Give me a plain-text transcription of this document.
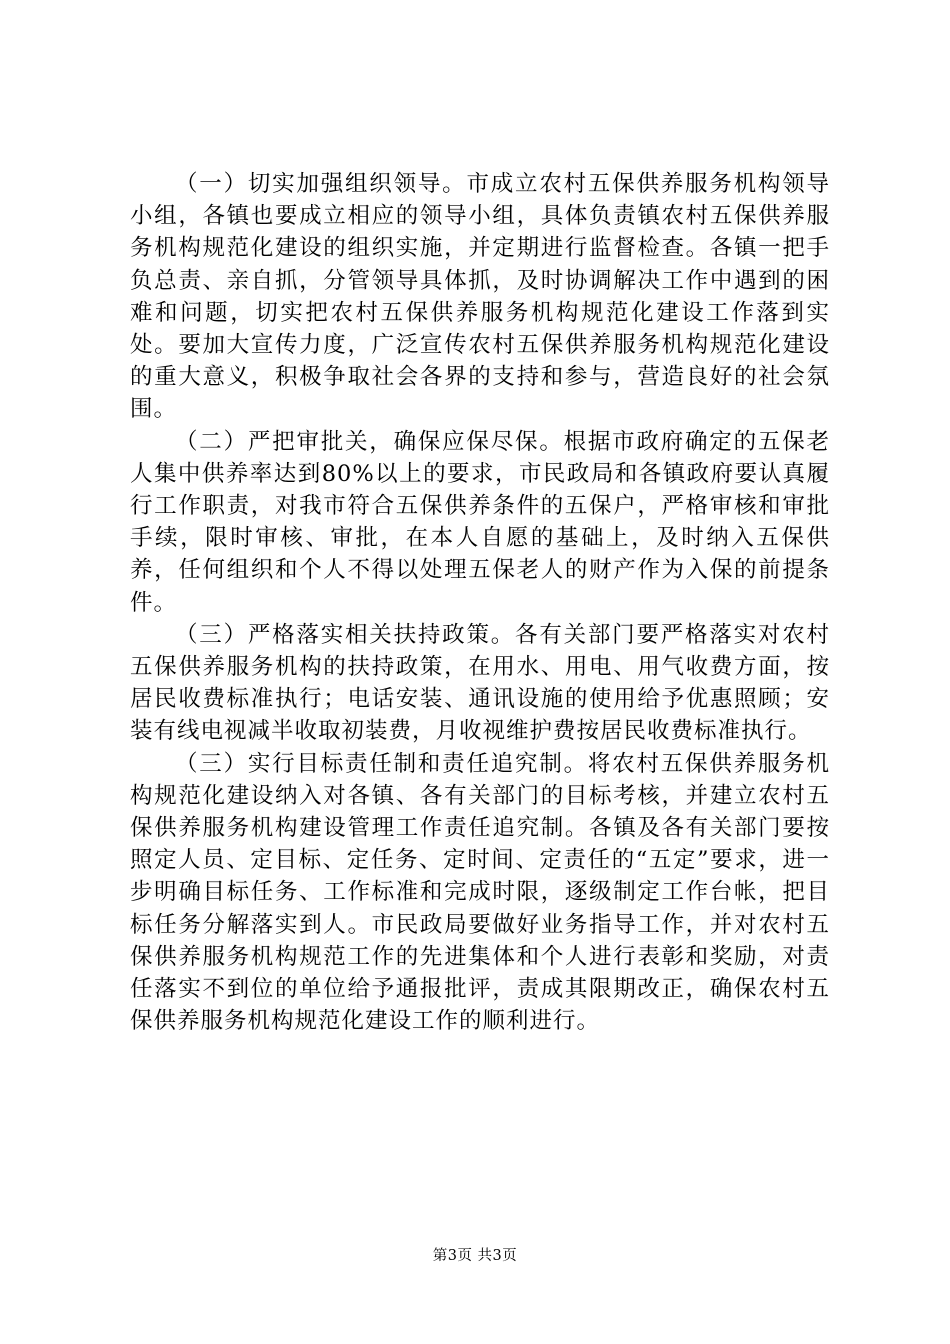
（一）切实加强组织领导。市成立农村五保供养服务机构领导小组，各镇也要成立相应的领导小组，具体负责镇农村五保供养服务机构规范化建设的组织实施，并定期进行监督检查。各镇一把手负总责、亲自抓，分管领导具体抓，及时协调解决工作中遇到的困难和问题，切实把农村五保供养服务机构规范化建设工作落到实处。要加大宣传力度，广泛宣传农村五保供养服务机构规范化建设的重大意义，积极争取社会各界的支持和参与，营造良好的社会氛围。

（二）严把审批关，确保应保尽保。根据市政府确定的五保老人集中供养率达到80%以上的要求，市民政局和各镇政府要认真履行工作职责，对我市符合五保供养条件的五保户，严格审核和审批手续，限时审核、审批，在本人自愿的基础上，及时纳入五保供养，任何组织和个人不得以处理五保老人的财产作为入保的前提条件。

（三）严格落实相关扶持政策。各有关部门要严格落实对农村五保供养服务机构的扶持政策，在用水、用电、用气收费方面，按居民收费标准执行；电话安装、通讯设施的使用给予优惠照顾；安装有线电视减半收取初装费，月收视维护费按居民收费标准执行。

（三）实行目标责任制和责任追究制。将农村五保供养服务机构规范化建设纳入对各镇、各有关部门的目标考核，并建立农村五保供养服务机构建设管理工作责任追究制。各镇及各有关部门要按照定人员、定目标、定任务、定时间、定责任的“五定”要求，进一步明确目标任务、工作标准和完成时限，逐级制定工作台帐，把目标任务分解落实到人。市民政局要做好业务指导工作，并对农村五保供养服务机构规范工作的先进集体和个人进行表彰和奖励，对责任落实不到位的单位给予通报批评，责成其限期改正，确保农村五保供养服务机构规范化建设工作的顺利进行。

第3页 共3页
